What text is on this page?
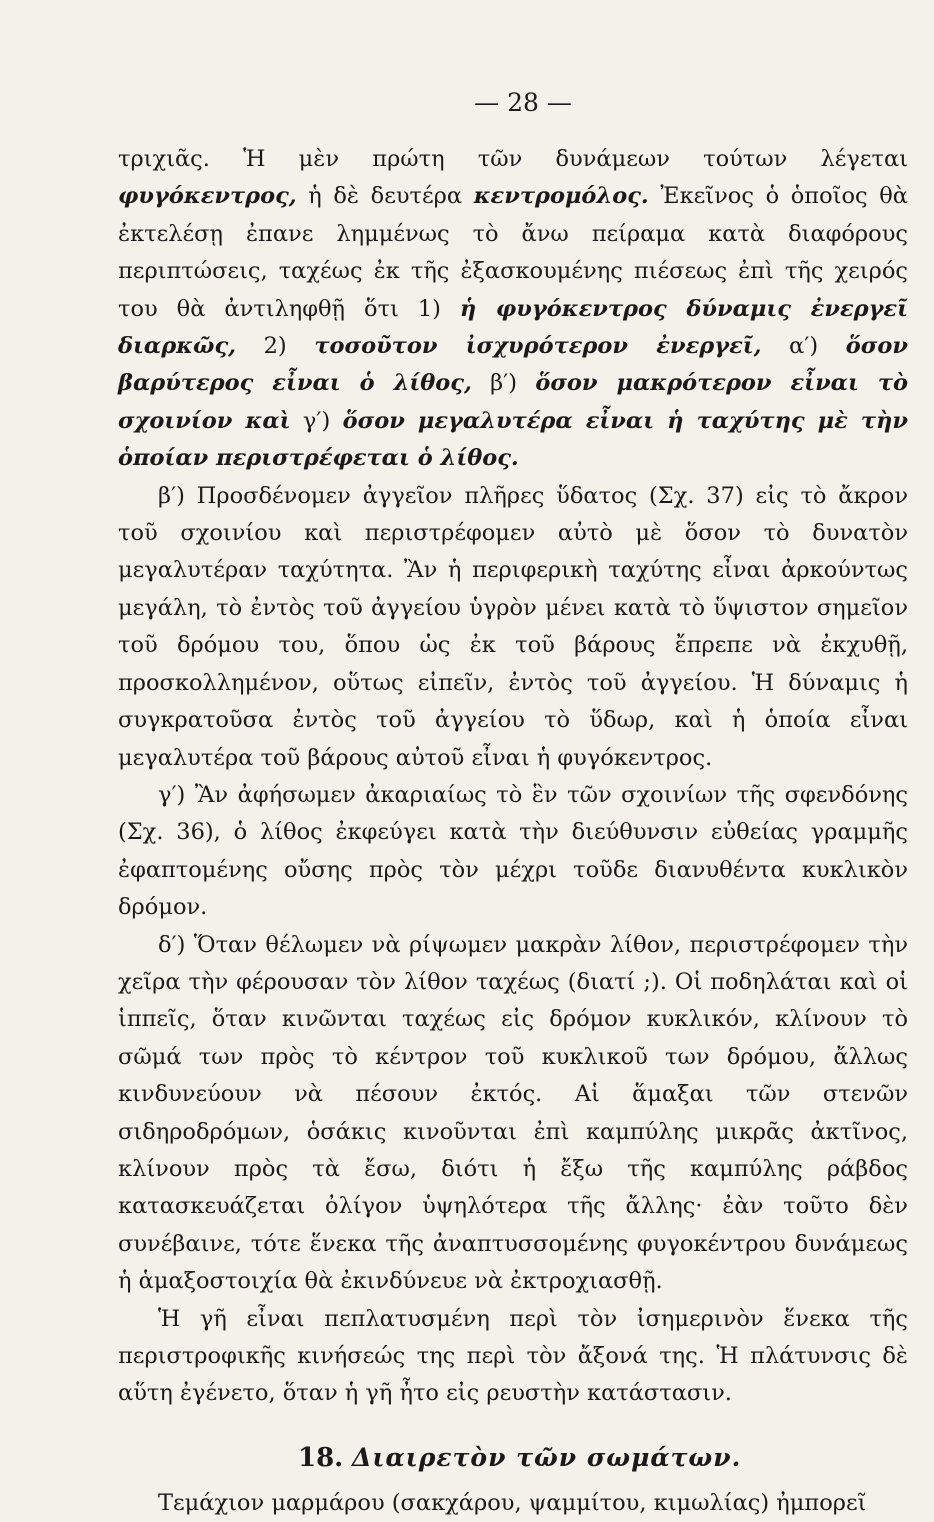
— 28 —

τριχιᾶς. Ἡ μὲν πρώτη τῶν δυνάμεων τούτων λέγεται φυγόκεντρος, ἡ δὲ δευτέρα κεντρομόλος. Ἐκεῖνος ὁ ὁποῖος θὰ ἐκτελέσῃ ἐπανε λημμένως τὸ ἄνω πείραμα κατὰ διαφόρους περιπτώσεις, ταχέως ἐκ τῆς ἐξασκουμένης πιέσεως ἐπὶ τῆς χειρός του θὰ ἀντιληφθῇ ὅτι 1) ἡ φυγόκεντρος δύναμις ἐνεργεῖ διαρκῶς, 2) τοσοῦτον ἰσχυρότερον ἐνεργεῖ, α′) ὅσον βαρύτερος εἶναι ὁ λίθος, β′) ὅσον μακρότερον εἶναι τὸ σχοινίον καὶ γ′) ὅσον μεγαλυτέρα εἶναι ἡ ταχύτης μὲ τὴν ὁποίαν περιστρέφεται ὁ λίθος.

β′) Προσδένομεν ἀγγεῖον πλῆρες ὕδατος (Σχ. 37) εἰς τὸ ἄκρον τοῦ σχοινίου καὶ περιστρέφομεν αὐτὸ μὲ ὅσον τὸ δυνατὸν μεγαλυτέραν ταχύτητα. Ἂν ἡ περιφερικὴ ταχύτης εἶναι ἀρκούντως μεγάλη, τὸ ἐντὸς τοῦ ἀγγείου ὑγρὸν μένει κατὰ τὸ ὕψιστον σημεῖον τοῦ δρόμου του, ὅπου ὡς ἐκ τοῦ βάρους ἔπρεπε νὰ ἐκχυθῇ, προσκολλημένον, οὕτως εἰπεῖν, ἐντὸς τοῦ ἀγγείου. Ἡ δύναμις ἡ συγκρατοῦσα ἐντὸς τοῦ ἀγγείου τὸ ὕδωρ, καὶ ἡ ὁποία εἶναι μεγαλυτέρα τοῦ βάρους αὐτοῦ εἶναι ἡ φυγόκεντρος.

γ′) Ἂν ἀφήσωμεν ἀκαριαίως τὸ ἓν τῶν σχοινίων τῆς σφενδόνης (Σχ. 36), ὁ λίθος ἐκφεύγει κατὰ τὴν διεύθυνσιν εὐθείας γραμμῆς ἐφαπτομένης οὔσης πρὸς τὸν μέχρι τοῦδε διανυθέντα κυκλικὸν δρόμον.

δ′) Ὅταν θέλωμεν νὰ ρίψωμεν μακρὰν λίθον, περιστρέφομεν τὴν χεῖρα τὴν φέρουσαν τὸν λίθον ταχέως (διατί ;). Οἱ ποδηλάται καὶ οἱ ἱππεῖς, ὅταν κινῶνται ταχέως εἰς δρόμον κυκλικόν, κλίνουν τὸ σῶμά των πρὸς τὸ κέντρον τοῦ κυκλικοῦ των δρόμου, ἄλλως κινδυνεύουν νὰ πέσουν ἐκτός. Αἱ ἅμαξαι τῶν στενῶν σιδηροδρόμων, ὁσάκις κινοῦνται ἐπὶ καμπύλης μικρᾶς ἀκτῖνος, κλίνουν πρὸς τὰ ἔσω, διότι ἡ ἔξω τῆς καμπύλης ράβδος κατασκευάζεται ὀλίγον ὑψηλότερα τῆς ἄλλης· ἐὰν τοῦτο δὲν συνέβαινε, τότε ἕνεκα τῆς ἀναπτυσσομένης φυγοκέντρου δυνάμεως ἡ ἁμαξοστοιχία θὰ ἐκινδύνευε νὰ ἐκτροχιασθῇ.

Ἡ γῆ εἶναι πεπλατυσμένη περὶ τὸν ἰσημερινὸν ἕνεκα τῆς περιστροφικῆς κινήσεώς της περὶ τὸν ἄξονά της. Ἡ πλάτυνσις δὲ αὕτη ἐγένετο, ὅταν ἡ γῆ ἦτο εἰς ρευστὴν κατάστασιν.

18. Διαιρετὸν τῶν σωμάτων.

Τεμάχιον μαρμάρου (σακχάρου, ψαμμίτου, κιμωλίας) ἠμπορεῖ
